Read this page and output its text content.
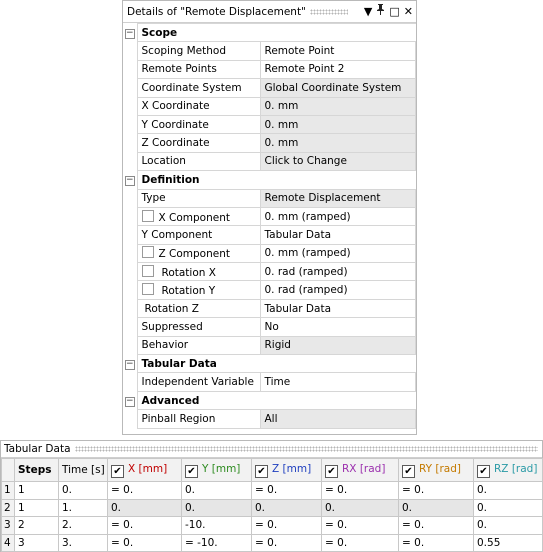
Details of "Remote Displacement"	▼ □ ✕
−	Scope	
	Scoping Method	Remote Point
	Remote Points	Remote Point 2
	Coordinate System	Global Coordinate System
	X Coordinate	0. mm
	Y Coordinate	0. mm
	Z Coordinate	0. mm
	Location	Click to Change
−	Definition	
	Type	Remote Displacement
	X Component	0. mm (ramped)
	Y Component	Tabular Data
	Z Component	0. mm (ramped)
	Rotation X	0. rad (ramped)
	Rotation Y	0. rad (ramped)
	Rotation Z	Tabular Data
	Suppressed	No
	Behavior	Rigid
−	Tabular Data	
	Independent Variable	Time
−	Advanced	
	Pinball Region	All
Tabular Data
	Steps	Time [s]	✔ X [mm]	✔ Y [mm]	✔ Z [mm]	✔ RX [rad]	✔ RY [rad]	✔ RZ [rad]
1	1	0.	= 0.	0.	= 0.	= 0.	= 0.	0.
2	1	1.	0.	0.	0.	0.	0.	0.
3	2	2.	= 0.	-10.	= 0.	= 0.	= 0.	0.
4	3	3.	= 0.	= -10.	= 0.	= 0.	= 0.	0.55
